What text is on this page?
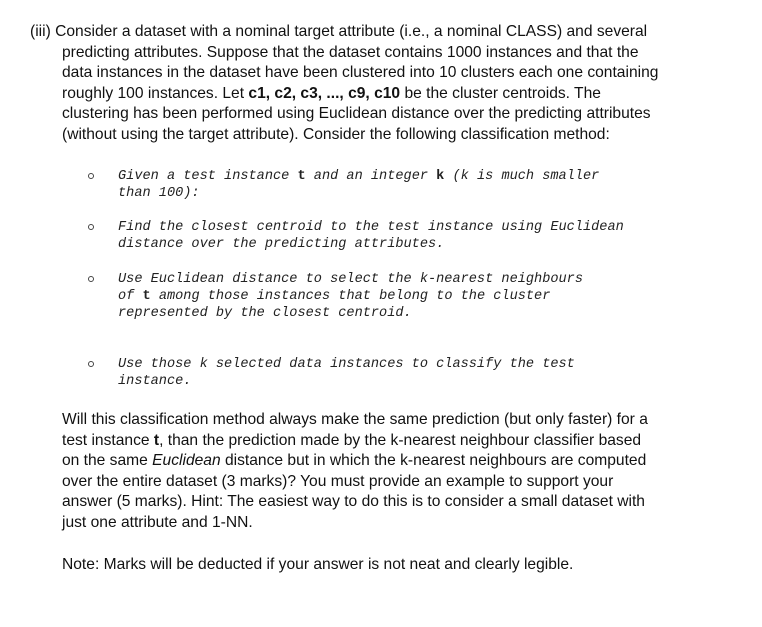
(iii) Consider a dataset with a nominal target attribute (i.e., a nominal CLASS) and several
predicting attributes. Suppose that the dataset contains 1000 instances and that the
data instances in the dataset have been clustered into 10 clusters each one containing
roughly 100 instances. Let c1, c2, c3, ..., c9, c10 be the cluster centroids. The
clustering has been performed using Euclidean distance over the predicting attributes
(without using the target attribute). Consider the following classification method:
Given a test instance t and an integer k (k is much smaller
than 100):
Find the closest centroid to the test instance using Euclidean
distance over the predicting attributes.
Use Euclidean distance to select the k-nearest neighbours
of t among those instances that belong to the cluster
represented by the closest centroid.
Use those k selected data instances to classify the test
instance.
Will this classification method always make the same prediction (but only faster) for a
test instance t, than the prediction made by the k-nearest neighbour classifier based
on the same Euclidean distance but in which the k-nearest neighbours are computed
over the entire dataset (3 marks)? You must provide an example to support your
answer (5 marks). Hint: The easiest way to do this is to consider a small dataset with
just one attribute and 1-NN.
Note: Marks will be deducted if your answer is not neat and clearly legible.
